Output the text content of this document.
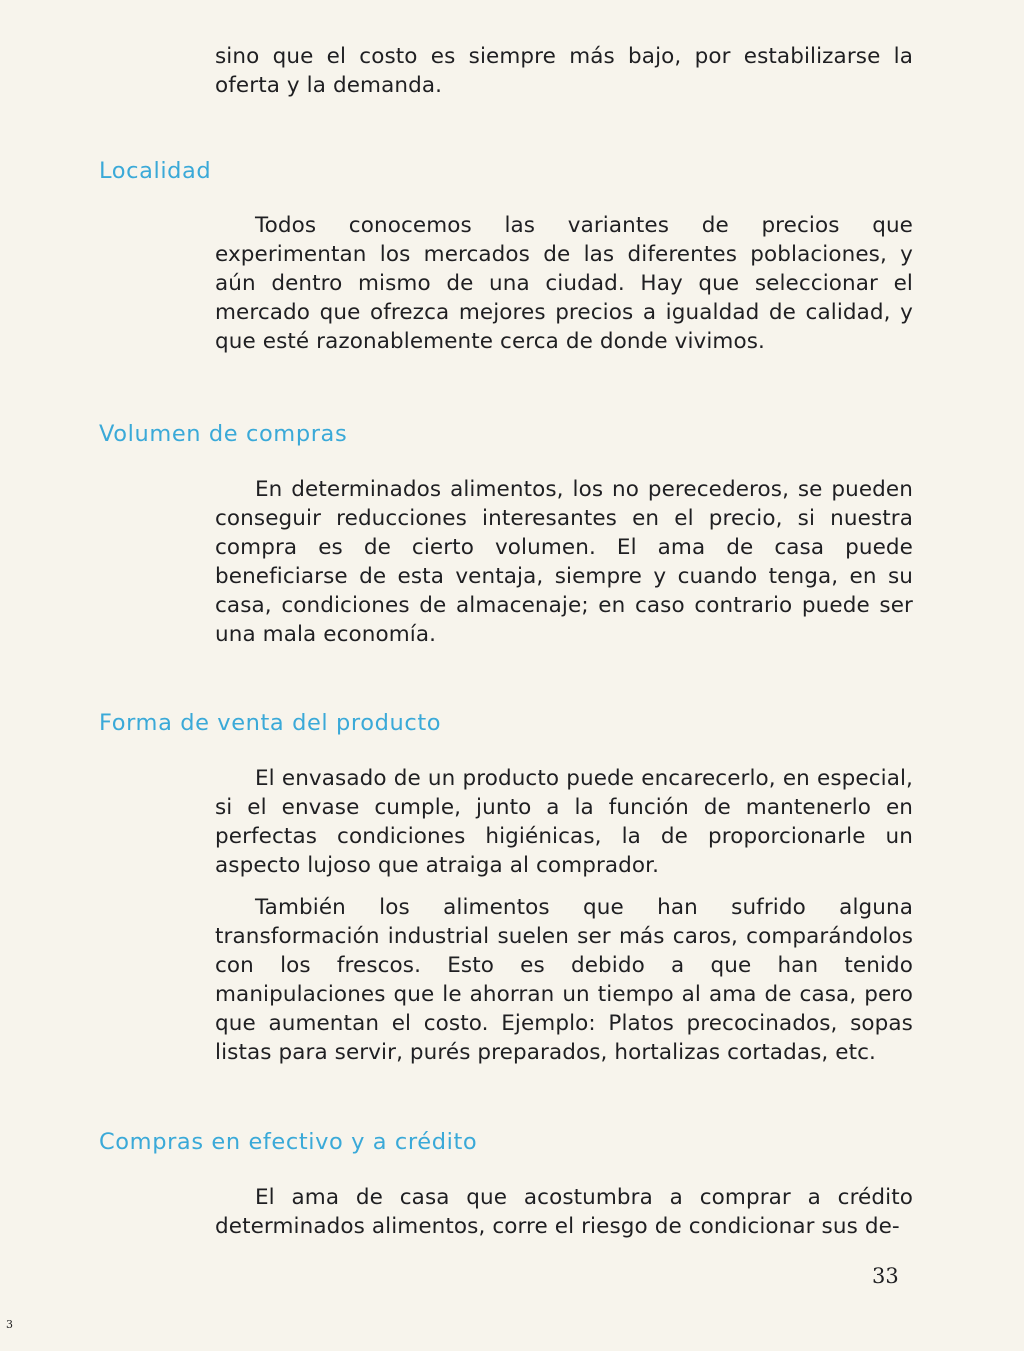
sino que el costo es siempre más bajo, por estabilizarse la oferta y la demanda.

Localidad

Todos conocemos las variantes de precios que experimentan los mercados de las diferentes poblaciones, y aún dentro mismo de una ciudad. Hay que seleccionar el mercado que ofrezca mejores precios a igualdad de calidad, y que esté razonablemente cerca de donde vivimos.

Volumen de compras

En determinados alimentos, los no perecederos, se pueden conseguir reducciones interesantes en el precio, si nuestra compra es de cierto volumen. El ama de casa puede beneficiarse de esta ventaja, siempre y cuando tenga, en su casa, condiciones de almacenaje; en caso contrario puede ser una mala economía.

Forma de venta del producto

El envasado de un producto puede encarecerlo, en especial, si el envase cumple, junto a la función de mantenerlo en perfectas condiciones higiénicas, la de proporcionarle un aspecto lujoso que atraiga al comprador.

También los alimentos que han sufrido alguna transformación industrial suelen ser más caros, comparándolos con los frescos. Esto es debido a que han tenido manipulaciones que le ahorran un tiempo al ama de casa, pero que aumentan el costo. Ejemplo: Platos precocinados, sopas listas para servir, purés preparados, hortalizas cortadas, etc.

Compras en efectivo y a crédito

El ama de casa que acostumbra a comprar a crédito determinados alimentos, corre el riesgo de condicionar sus de-

33

3
